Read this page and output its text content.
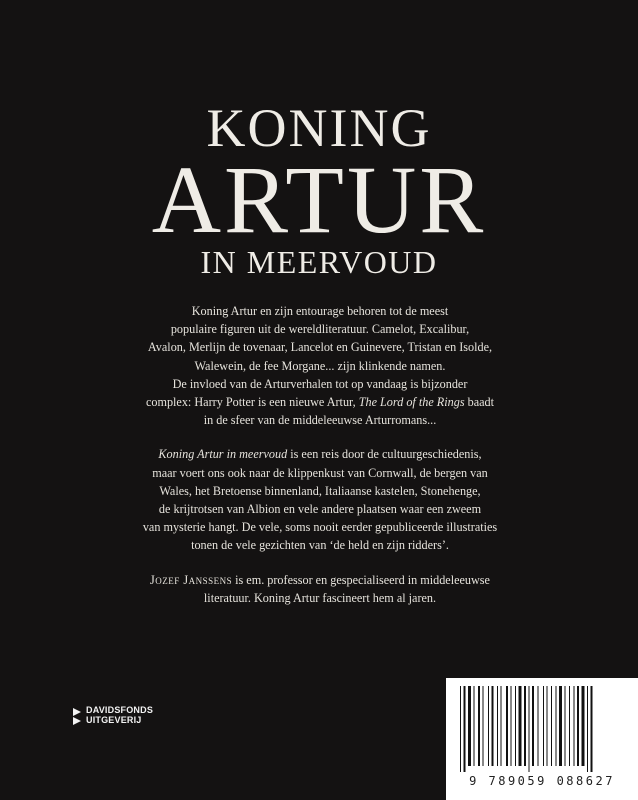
KONING
ARTUR
IN MEERVOUD

Koning Artur en zijn entourage behoren tot de meest
populaire figuren uit de wereldliteratuur. Camelot, Excalibur,
Avalon, Merlijn de tovenaar, Lancelot en Guinevere, Tristan en Isolde,
Walewein, de fee Morgane... zijn klinkende namen.
De invloed van de Arturverhalen tot op vandaag is bijzonder
complex: Harry Potter is een nieuwe Artur, The Lord of the Rings baadt
in de sfeer van de middeleeuwse Arturromans...

Koning Artur in meervoud is een reis door de cultuurgeschiedenis,
maar voert ons ook naar de klippenkust van Cornwall, de bergen van
Wales, het Bretoense binnenland, Italiaanse kastelen, Stonehenge,
de krijtrotsen van Albion en vele andere plaatsen waar een zweem
van mysterie hangt. De vele, soms nooit eerder gepubliceerde illustraties
tonen de vele gezichten van ‘de held en zijn ridders’.

Jozef Janssens is em. professor en gespecialiseerd in middeleeuwse
literatuur. Koning Artur fascineert hem al jaren.

DAVIDSFONDS
UITGEVERIJ
9 789059 088627
